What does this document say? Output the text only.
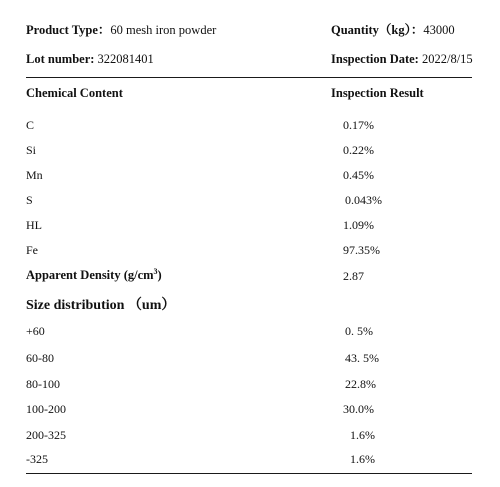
Product Type：60 mesh iron powder	Quantity（kg）：43000
Lot number: 322081401	Inspection Date: 2022/8/15
Chemical Content	Inspection Result
C	0.17%
Si	0.22%
Mn	0.45%
S	0.043%
HL	1.09%
Fe	97.35%
Apparent Density $(g/cm^3)$	2.87
Size distribution （um）
+60	0. 5%
60-80	43. 5%
80-100	22.8%
100-200	30.0%
200-325	1.6%
-325	1.6%
